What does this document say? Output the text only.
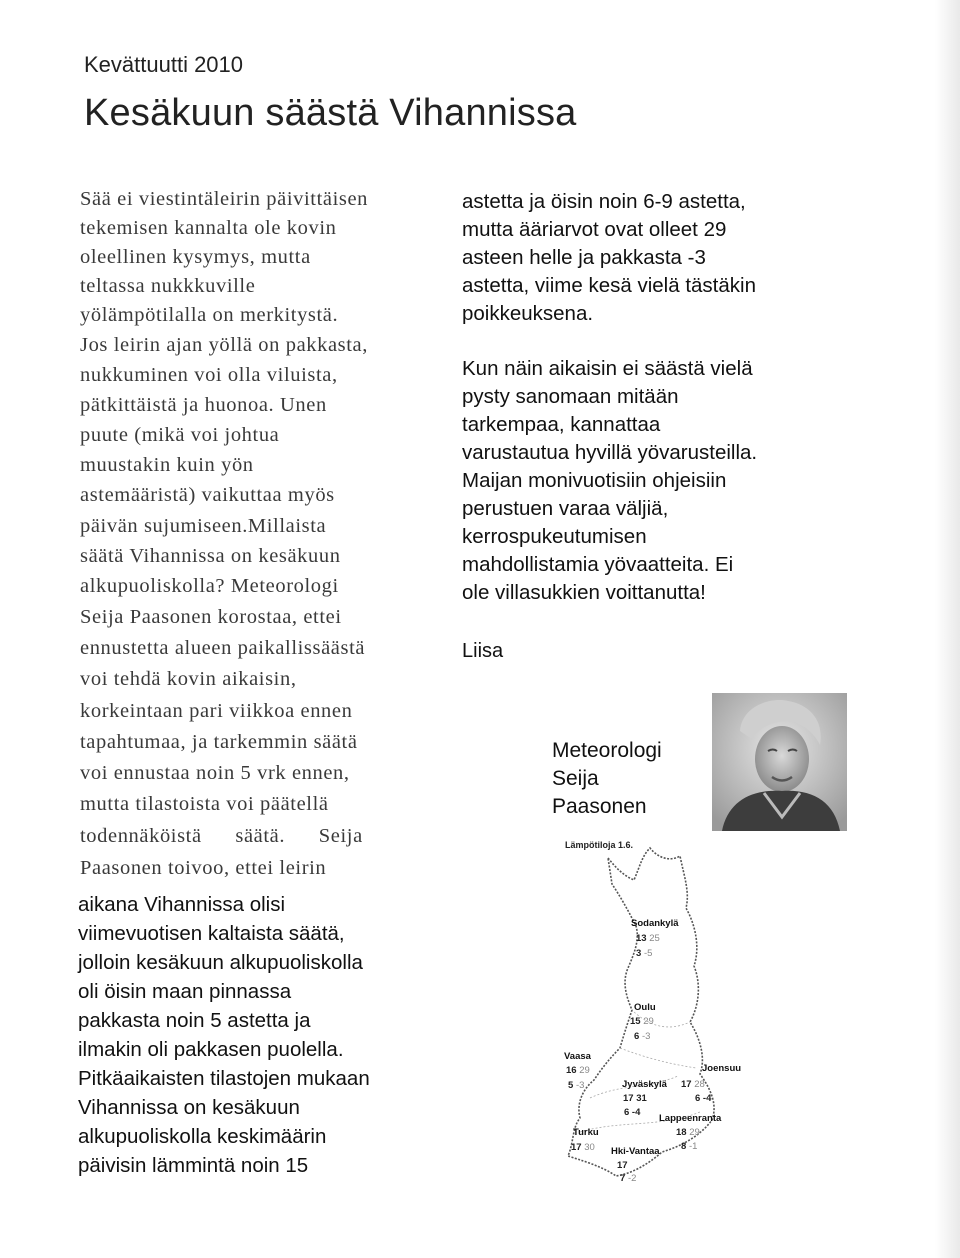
Kevättuutti 2010
Kesäkuun säästä Vihannissa
Sää ei viestintäleirin päivittäisen
tekemisen kannalta ole kovin
oleellinen kysymys, mutta
teltassa nukkkuville
yölämpötilalla on merkitystä.
Jos leirin ajan yöllä on pakkasta,
nukkuminen voi olla viluista,
pätkittäistä ja huonoa. Unen
puute (mikä voi johtua
muustakin kuin yön
astemääristä) vaikuttaa myös
päivän sujumiseen.Millaista
säätä Vihannissa on kesäkuun
alkupuoliskolla? Meteorologi
Seija Paasonen korostaa, ettei
ennustetta alueen paikallissäästä
voi tehdä kovin aikaisin,
korkeintaan pari viikkoa ennen
tapahtumaa, ja tarkemmin säätä
voi ennustaa noin 5 vrk ennen,
mutta tilastoista voi päätellä
todennäköistä säätä. Seija
Paasonen toivoo, ettei leirin
aikana Vihannissa olisi
viimevuotisen kaltaista säätä,
jolloin kesäkuun alkupuoliskolla
oli öisin maan pinnassa
pakkasta noin 5 astetta ja
ilmakin oli pakkasen puolella.
Pitkäaikaisten tilastojen mukaan
Vihannissa on kesäkuun
alkupuoliskolla keskimäärin
päivisin lämmintä noin 15
astetta ja öisin noin 6-9 astetta,
mutta ääriarvot ovat olleet 29
asteen helle ja pakkasta -3
astetta, viime kesä vielä tästäkin
poikkeuksena.
Kun näin aikaisin ei säästä vielä
pysty sanomaan mitään
tarkempaa, kannattaa
varustautua hyvillä yövarusteilla.
Maijan monivuotisiin ohjeisiin
perustuen varaa väljiä,
kerrospukeutumisen
mahdollistamia yövaatteita. Ei
ole villasukkien voittanutta!
Liisa
Meteorologi
Seija
Paasonen
Lämpötiloja 1.6.
Sodankylä
13 25
3 -5
Oulu
15 29
6 -3
Vaasa
16 29
5 -3
Joensuu
Jyväskylä 17 28
17 31	6 -4
6 -4
Lappeenranta
18 29
8 -1
Turku
17 30 Hki-Vantaa
17
7 -2
